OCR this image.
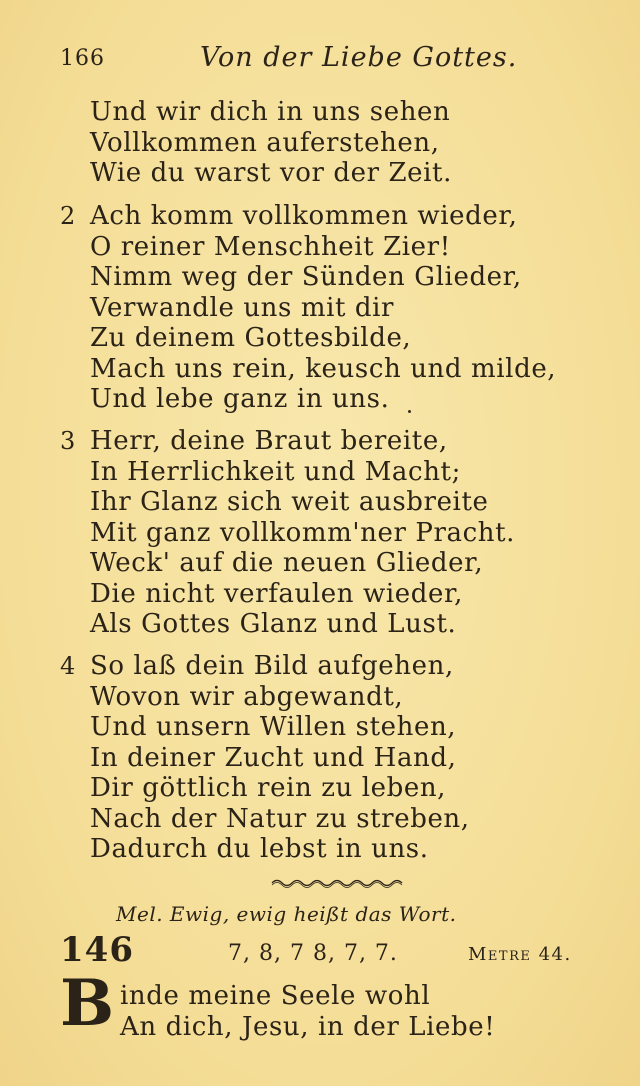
166	Von der Liebe Gottes.
Und wir dich in uns sehen
Vollkommen auferstehen,
Wie du warst vor der Zeit.
2 Ach komm vollkommen wieder,
O reiner Menschheit Zier!
Nimm weg der Sünden Glieder,
Verwandle uns mit dir
Zu deinem Gottesbilde,
Mach uns rein, keusch und milde,
Und lebe ganz in uns.
3 Herr, deine Braut bereite,
In Herrlichkeit und Macht;
Ihr Glanz sich weit ausbreite
Mit ganz vollkomm'ner Pracht.
Weck' auf die neuen Glieder,
Die nicht verfaulen wieder,
Als Gottes Glanz und Lust.
4 So laß dein Bild aufgehen,
Wovon wir abgewandt,
Und unsern Willen stehen,
In deiner Zucht und Hand,
Dir göttlich rein zu leben,
Nach der Natur zu streben,
Dadurch du lebst in uns.
Mel. Ewig, ewig heißt das Wort.
146	7, 8, 7 8, 7, 7.	Metre 44.
B inde meine Seele wohl
An dich, Jesu, in der Liebe!
